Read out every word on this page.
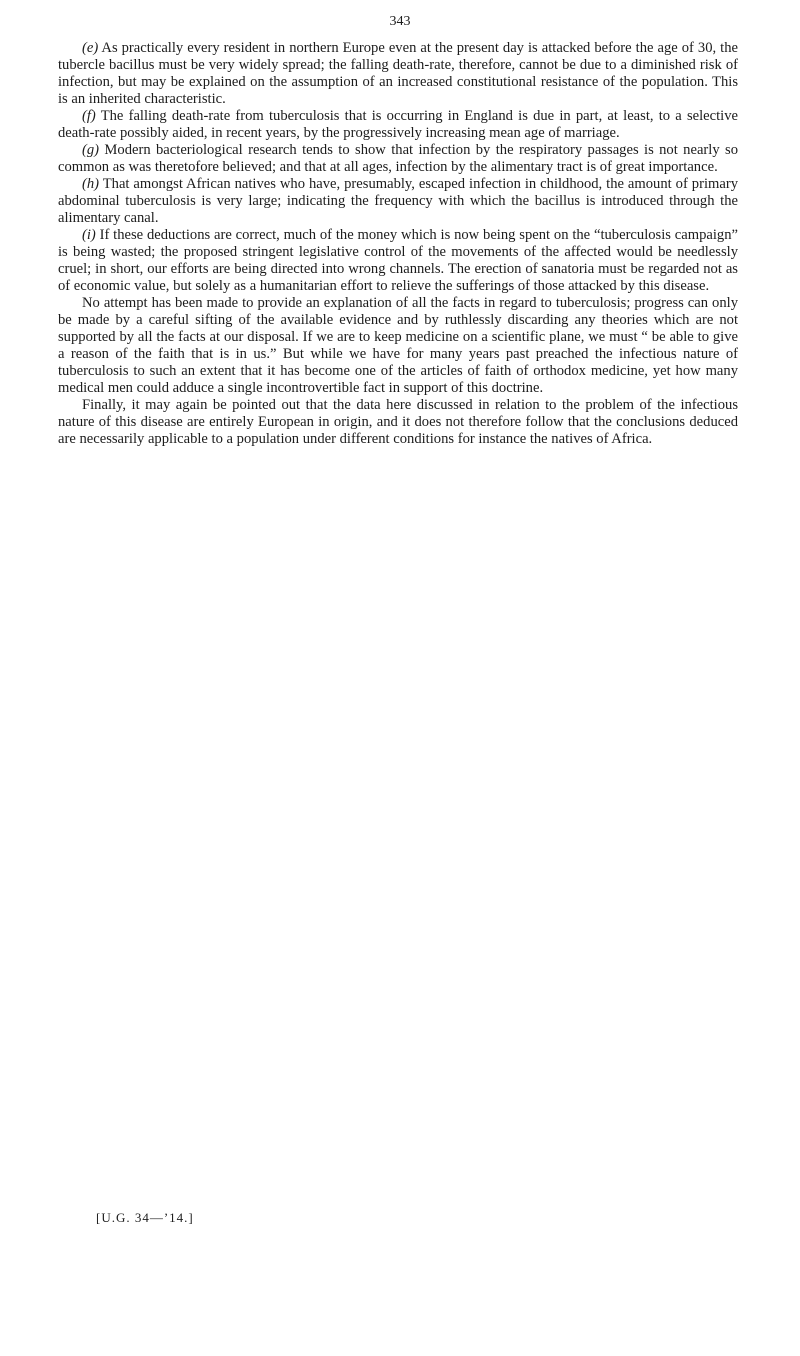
343

(e) As practically every resident in northern Europe even at the present day is attacked before the age of 30, the tubercle bacillus must be very widely spread; the falling death-rate, therefore, cannot be due to a diminished risk of infection, but may be explained on the assumption of an increased constitutional resistance of the population. This is an inherited characteristic.

(f) The falling death-rate from tuberculosis that is occurring in England is due in part, at least, to a selective death-rate possibly aided, in recent years, by the progressively increasing mean age of marriage.

(g) Modern bacteriological research tends to show that infection by the respiratory passages is not nearly so common as was theretofore believed; and that at all ages, infection by the alimentary tract is of great importance.

(h) That amongst African natives who have, presumably, escaped infection in childhood, the amount of primary abdominal tuberculosis is very large; indicating the frequency with which the bacillus is introduced through the alimentary canal.

(i) If these deductions are correct, much of the money which is now being spent on the “tuberculosis campaign” is being wasted; the proposed stringent legislative control of the movements of the affected would be needlessly cruel; in short, our efforts are being directed into wrong channels. The erection of sanatoria must be regarded not as of economic value, but solely as a humanitarian effort to relieve the sufferings of those attacked by this disease.

No attempt has been made to provide an explanation of all the facts in regard to tuberculosis; progress can only be made by a careful sifting of the available evidence and by ruthlessly discarding any theories which are not supported by all the facts at our disposal. If we are to keep medicine on a scientific plane, we must “ be able to give a reason of the faith that is in us.” But while we have for many years past preached the infectious nature of tuberculosis to such an extent that it has become one of the articles of faith of orthodox medicine, yet how many medical men could adduce a single incontrovertible fact in support of this doctrine.

Finally, it may again be pointed out that the data here discussed in relation to the problem of the infectious nature of this disease are entirely European in origin, and it does not therefore follow that the conclusions deduced are necessarily applicable to a population under different conditions for instance the natives of Africa.

[U.G. 34—’14.]
